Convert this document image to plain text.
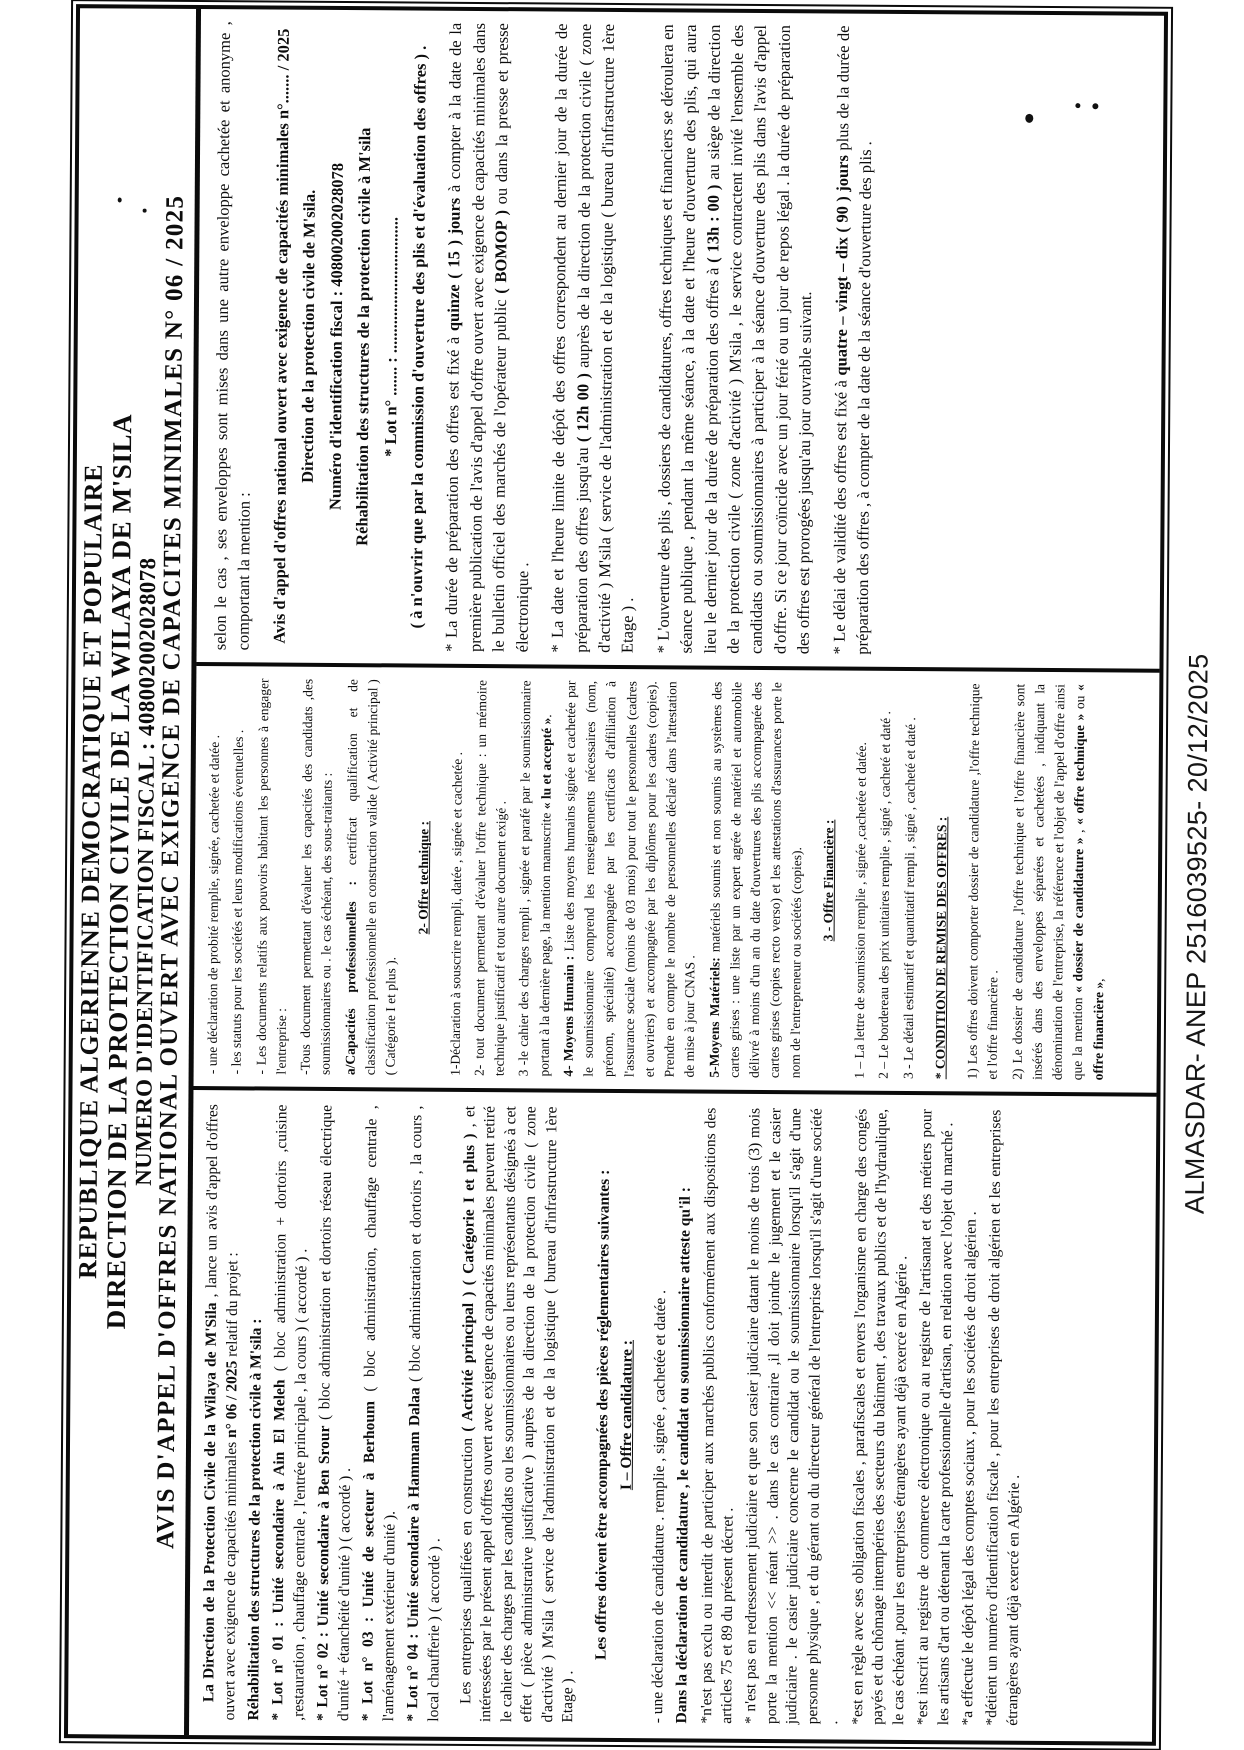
REPUBLIQUE ALGERIENNE DEMOCRATIQUE ET POPULAIRE
DIRECTION DE LA PROTECTION CIVILE DE LA WILAYA DE M'SILA
NUMERO D'IDENTIFICATION FISCAL : 408002002028078
AVIS D'APPEL D'OFFRES NATIONAL OUVERT AVEC EXIGENCE DE CAPACITES MINIMALES N° 06 / 2025 La Direction de la Protection Civile de la Wilaya de M'Sila , lance un avis d'appel d'offres ouvert avec exigence de capacités minimales n° 06 / 2025 relatif du projet :

Réhabilitation des structures de la protection civile à M'sila : * Lot n° 01 : Unité secondaire à Ain El Meleh ( bloc administration + dortoirs ,cuisine ,restauration , chauffage centrale , l'entrée principale , la cours ) ( accordé ) . * Lot n° 02 : Unité secondaire à Ben Srour ( bloc administration et dortoirs réseau électrique d'unité + étanchéité d'unité ) ( accordé ) . * Lot n° 03 : Unité de secteur à Berhoum ( bloc administration, chauffage centrale , l'aménagement extérieur d'unité ). * Lot n° 04 : Unité secondaire à Hammam Dalaa ( bloc administration et dortoirs , la cours , local chaufferie ) ( accordé ) . Les entreprises qualifiées en construction ( Activité principal ) ( Catégorie I et plus ) , et intéressées par le présent appel d'offres ouvert avec exigence de capacités minimales peuvent retiré le cahier des charges par les candidats ou les soumissionnaires ou leurs représentants désignés à cet effet ( pièce administrative justificative ) auprès de la direction de la protection civile ( zone d'activité ) M'sila ( service de l'administration et de la logistique ( bureau d'infrastructure 1ère Etage ) .

Les offres doivent être accompagnées des pièces réglementaires suivantes : I – Offre candidature : - une déclaration de candidature . remplie , signée , cachetée et datée . Dans la déclaration de candidature , le candidat ou soumissionnaire atteste qu'il : *n'est pas exclu ou interdit de participer aux marchés publics conformément aux dispositions des articles 75 et 89 du présent décret . * n'est pas en redressement judiciaire et que son casier judiciaire datant le moins de trois (3) mois porte la mention << néant >> . dans le cas contraire ,il doit joindre le jugement et le casier judiciaire . le casier judiciaire concerne le candidat ou le soumissionnaire lorsqu'il s'agit d'une personne physique , et du gérant ou du directeur général de l'entreprise lorsqu'il s'agit d'une société . *est en règle avec ses obligation fiscales , parafiscales et envers l'organisme en charge des congés payés et du chômage intempéries des secteurs du bâtiment , des travaux publics et de l'hydraulique, le cas échéant ,pour les entreprises étrangères ayant déjà exercé en Algérie . *est inscrit au registre de commerce électronique ou au registre de l'artisanat et des métiers pour les artisans d'art ou détenant la carte professionnelle d'artisan, en relation avec l'objet du marché . *a effectué le dépôt légal des comptes sociaux , pour les sociétés de droit algérien . *détient un numéro d'identification fiscale , pour les entreprises de droit algérien et les entreprises étrangères ayant déjà exercé en Algérie .

- une déclaration de probité remplie, signée, cachetée et datée . - les statuts pour les sociétés et leurs modifications éventuelles . - Les documents relatifs aux pouvoirs habitant les personnes à engager l'entreprise : -Tous document permettant d'évaluer les capacités des candidats ,des soumissionnaires ou . le cas échéant, des sous-traitants : a/Capacités professionnelles : certificat qualification et de classification professionnelle en construction valide ( Activité principal ) ( Catégorie I et plus ).

2- Offre technique :	1-Déclaration à souscrire rempli, datée , signée et cachetée . 2- tout document permettant d'évaluer l'offre technique : un mémoire technique justificatif et tout autre document exigé . 3 -le cahier des charges rempli , signée et parafé par le soumissionnaire portant à la dernière page, la mention manuscrite « lu et accepté ».

4- Moyens Humain : Liste des moyens humains signée et cachetée par le soumissionnaire comprend les renseignements nécessaires (nom, prénom, spécialité) accompagnée par les certificats d'affiliation à l'assurance sociale (moins de 03 mois) pour tout le personnelles (cadres et ouvriers) et accompagnée par les diplômes pour les cadres (copies). Prendre en compte le nombre de personnelles déclaré dans l'attestation de mise à jour CNAS . 5-Moyens Matériels: matériels soumis et non soumis au systèmes des cartes grises : une liste par un expert agrée de matériel et automobile délivré à moins d'un an du date d'ouvertures des plis accompagnée des cartes grises (copies recto verso) et les attestations d'assurances porte le nom de l'entrepreneur ou sociétés (copies).	3 - Offre Financière :	1 – La lettre de soumission remplie , signée ,cachetée et datée. 2 – Le bordereau des prix unitaires remplie , signé , cacheté et daté . 3 - Le détail estimatif et quantitatif rempli , signé , cacheté et daté . * CONDITION DE REMISE DES OFFRES :	1) Les offres doivent comporter dossier de candidature ,l'offre technique et l'offre financière . 2) Le dossier de candidature ,l'offre technique et l'offre financière sont insérés dans des enveloppes séparées et cachetées , indiquant la dénomination de l'entreprise, la référence et l'objet de l'appel d'offre ainsi que la mention « dossier de candidature » , « offre technique » ou « offre financière »,

selon le cas , ses enveloppes sont mises dans une autre enveloppe cachetée et anonyme , comportant la mention : Avis d'appel d'offres national ouvert avec exigence de capacités minimales n°....... / 2025 Direction de la protection civile de M'sila. Numéro d'identification fiscal : 408002002028078 Réhabilitation des structures de la protection civile à M'sila * Lot n° ....... : ................................. ( à n'ouvrir que par la commission d'ouverture des plis et d'évaluation des offres ) . * La durée de préparation des offres est fixé à quinze ( 15 ) jours à compter à la date de la première publication de l'avis d'appel d'offre ouvert avec exigence de capacités minimales dans le bulletin officiel des marchés de l'opérateur public ( BOMOP ) ou dans la presse et presse électronique . * La date et l'heure limite de dépôt des offres correspondent au dernier jour de la durée de préparation des offres jusqu'au ( 12h 00 ) auprès de la direction de la protection civile ( zone d'activité ) M'sila ( service de l'administration et de la logistique ( bureau d'infrastructure 1ère Etage ) . * L'ouverture des plis , dossiers de candidatures, offres techniques et financiers se déroulera en séance publique , pendant la même séance, à la date et l'heure d'ouverture des plis, qui aura lieu le dernier jour de la durée de préparation des offres à ( 13h : 00 ) au siège de la direction de la protection civile ( zone d'activité ) M'sila , le service contractent invité l'ensemble des candidats ou soumissionnaires à participer à la séance d'ouverture des plis dans l'avis d'appel d'offre. Si ce jour coïncide avec un jour férié ou un jour de repos légal . la durée de préparation des offres est prorogées jusqu'au jour ouvrable suivant. * Le délai de validité des offres est fixé à quatre – vingt – dix ( 90 ) jours plus de la durée de préparation des offres , à compter de la date de la séance d'ouverture des plis .

ALMASDAR- ANEP 2516039525- 20/12/2025
